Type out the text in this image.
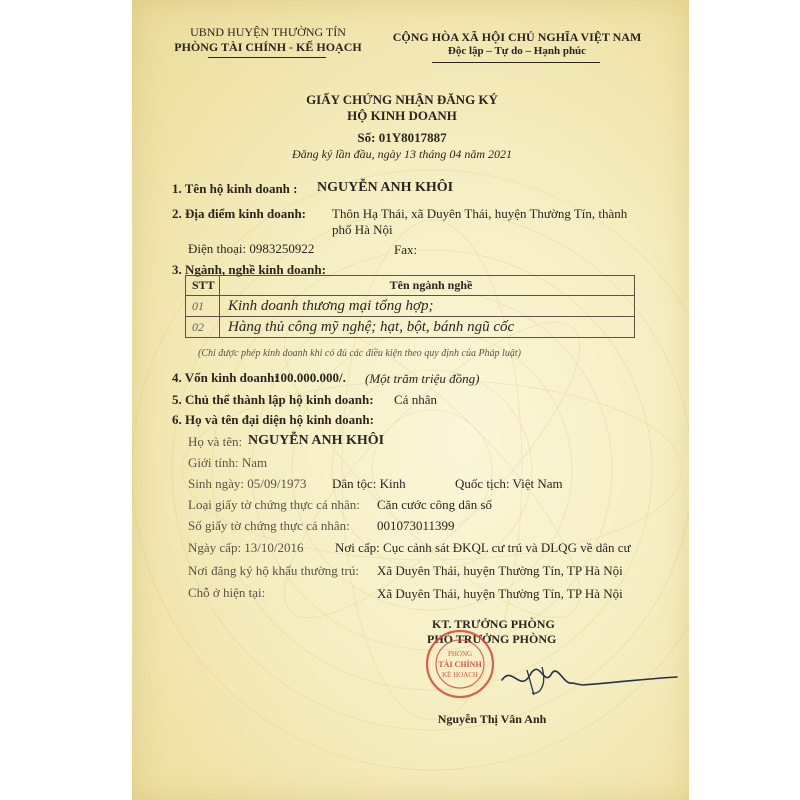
UBND HUYỆN THƯỜNG TÍN
PHÒNG TÀI CHÍNH - KẾ HOẠCH
CỘNG HÒA XÃ HỘI CHỦ NGHĨA VIỆT NAM
Độc lập – Tự do – Hạnh phúc
GIẤY CHỨNG NHẬN ĐĂNG KÝ
HỘ KINH DOANH
Số: 01Y8017887
Đăng ký lần đầu, ngày 13 tháng 04 năm 2021
1. Tên hộ kinh doanh : NGUYỄN ANH KHÔI
2. Địa điểm kinh doanh: Thôn Hạ Thái, xã Duyên Thái, huyện Thường Tín, thành
phố Hà Nội
Điện thoại: 0983250922	Fax:
3. Ngành, nghề kinh doanh:
STT	Tên ngành nghề
01	Kinh doanh thương mại tổng hợp;
02	Hàng thủ công mỹ nghệ; hạt, bột, bánh ngũ cốc
(Chỉ được phép kinh doanh khi có đủ các điều kiện theo quy định của Pháp luật)
4. Vốn kinh doanh:
100.000.000/. (Một trăm triệu đồng)
5. Chủ thể thành lập hộ kinh doanh: Cá nhân
6. Họ và tên đại diện hộ kinh doanh:
Họ và tên: NGUYỄN ANH KHÔI
Giới tính: Nam
Sinh ngày: 05/09/1973 Dân tộc: Kinh	Quốc tịch: Việt Nam
Loại giấy tờ chứng thực cá nhân: Căn cước công dân số
Số giấy tờ chứng thực cá nhân: 001073011399
Ngày cấp: 13/10/2016 Nơi cấp: Cục cảnh sát ĐKQL cư trú và DLQG về dân cư
Nơi đăng ký hộ khẩu thường trú: Xã Duyên Thái, huyện Thường Tín, TP Hà Nội
Chỗ ở hiện tại:	Xã Duyên Thái, huyện Thường Tín, TP Hà Nội
KT. TRƯỞNG PHÒNG
PHÓ TRƯỞNG PHÒNG
PHÒNG
TÀI CHÍNH
KẾ HOẠCH
Nguyễn Thị Vân Anh
